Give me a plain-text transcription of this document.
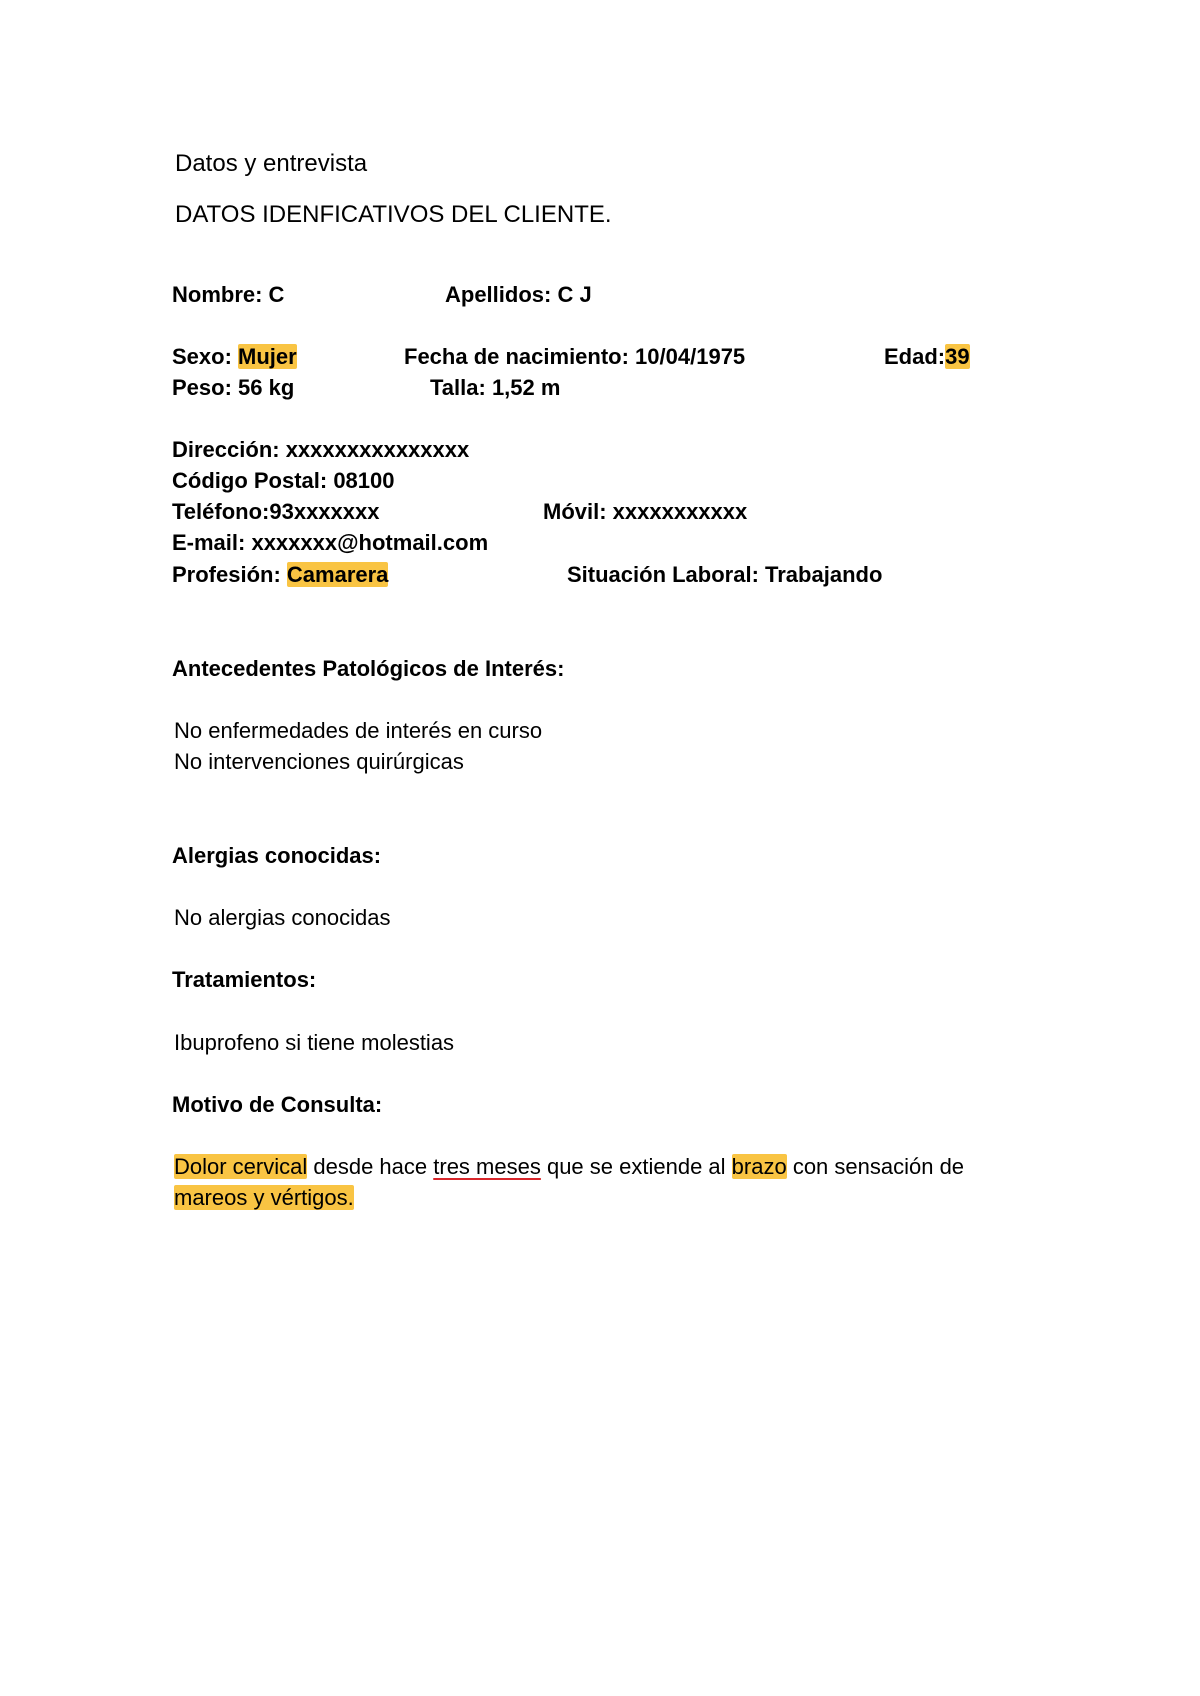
Datos y entrevista
DATOS IDENFICATIVOS DEL CLIENTE.
Nombre: C	Apellidos: C J
Sexo: Mujer	Fecha de nacimiento: 10/04/1975	Edad:39
Peso: 56 kg	Talla: 1,52 m
Dirección: xxxxxxxxxxxxxxx
Código Postal: 08100
Teléfono:93xxxxxxx	Móvil: xxxxxxxxxxx
E-mail: xxxxxxx@hotmail.com
Profesión: Camarera	Situación Laboral: Trabajando
Antecedentes Patológicos de Interés:
No enfermedades de interés en curso
No intervenciones quirúrgicas
Alergias conocidas:
No alergias conocidas
Tratamientos:
Ibuprofeno si tiene molestias
Motivo de Consulta:
Dolor cervical desde hace tres meses que se extiende al brazo con sensación de
mareos y vértigos.
